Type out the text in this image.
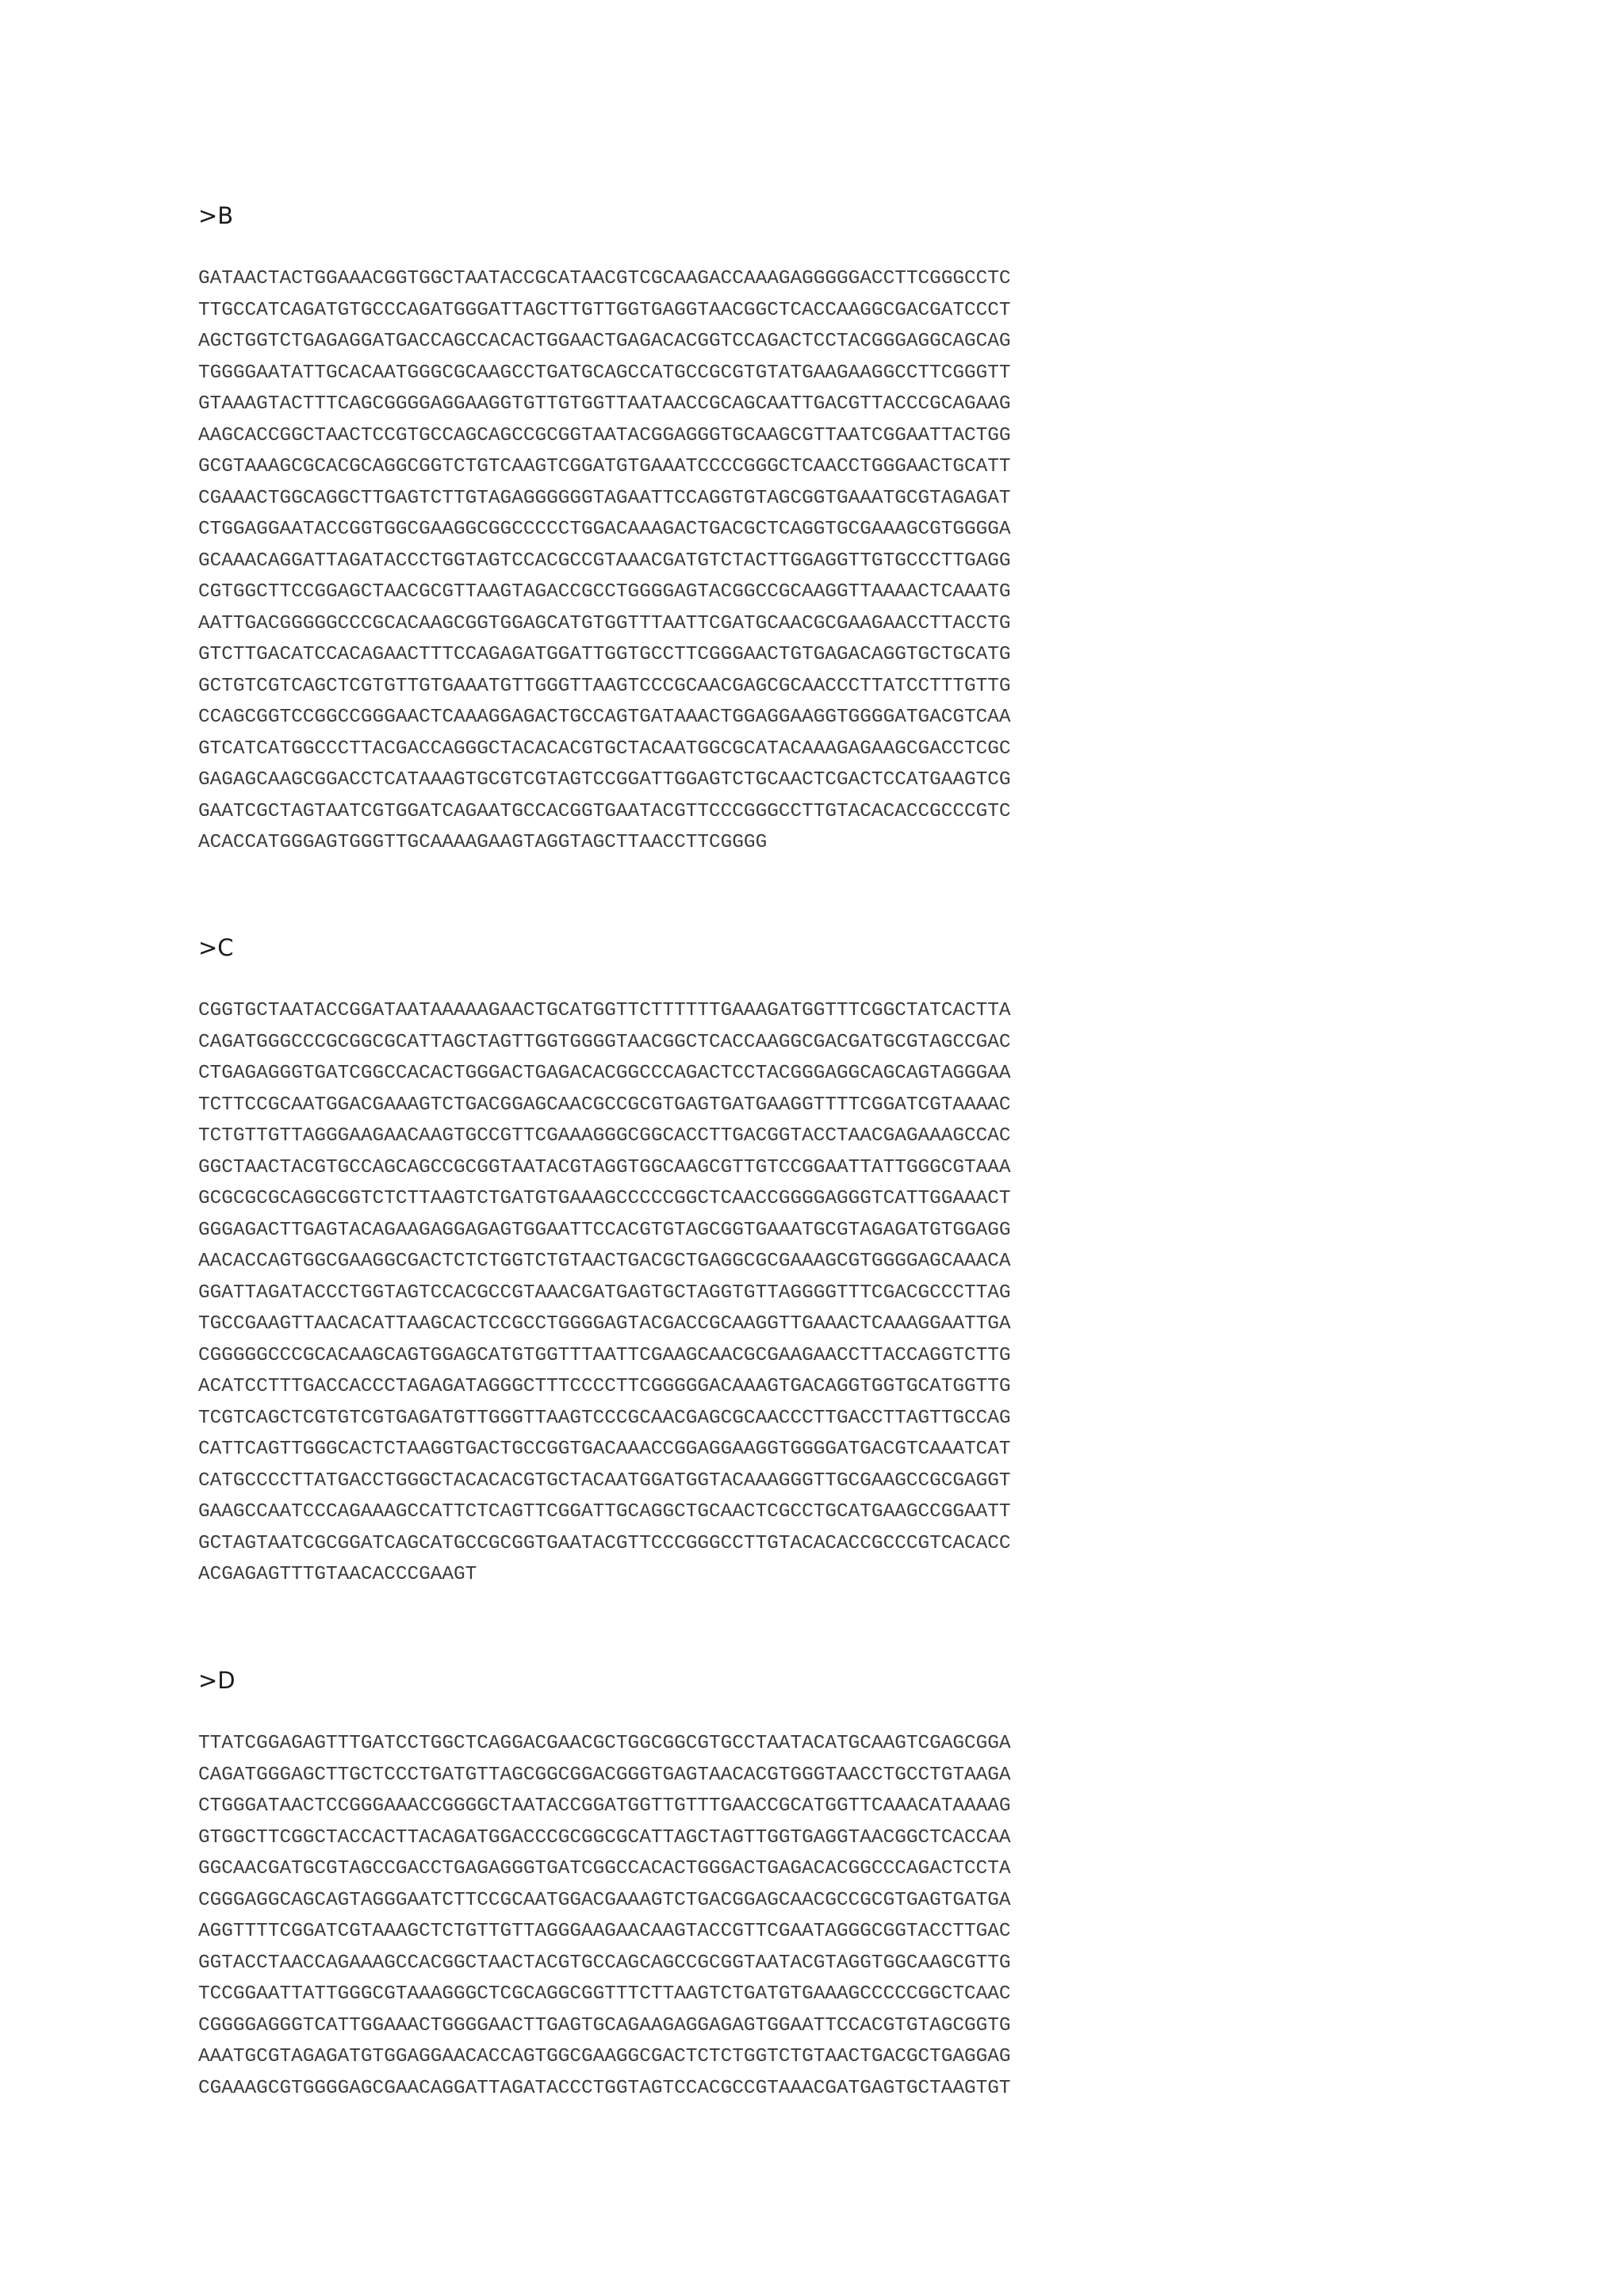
>B
GATAACTACTGGAAACGGTGGCTAATACCGCATAACGTCGCAAGACCAAAGAGGGGGACCTTCGGGCCTC
TTGCCATCAGATGTGCCCAGATGGGATTAGCTTGTTGGTGAGGTAACGGCTCACCAAGGCGACGATCCCT
AGCTGGTCTGAGAGGATGACCAGCCACACTGGAACTGAGACACGGTCCAGACTCCTACGGGAGGCAGCAG
TGGGGAATATTGCACAATGGGCGCAAGCCTGATGCAGCCATGCCGCGTGTATGAAGAAGGCCTTCGGGTT
GTAAAGTACTTTCAGCGGGGAGGAAGGTGTTGTGGTTAATAACCGCAGCAATTGACGTTACCCGCAGAAG
AAGCACCGGCTAACTCCGTGCCAGCAGCCGCGGTAATACGGAGGGTGCAAGCGTTAATCGGAATTACTGG
GCGTAAAGCGCACGCAGGCGGTCTGTCAAGTCGGATGTGAAATCCCCGGGCTCAACCTGGGAACTGCATT
CGAAACTGGCAGGCTTGAGTCTTGTAGAGGGGGGTAGAATTCCAGGTGTAGCGGTGAAATGCGTAGAGAT
CTGGAGGAATACCGGTGGCGAAGGCGGCCCCCTGGACAAAGACTGACGCTCAGGTGCGAAAGCGTGGGGA
GCAAACAGGATTAGATACCCTGGTAGTCCACGCCGTAAACGATGTCTACTTGGAGGTTGTGCCCTTGAGG
CGTGGCTTCCGGAGCTAACGCGTTAAGTAGACCGCCTGGGGAGTACGGCCGCAAGGTTAAAACTCAAATG
AATTGACGGGGGCCCGCACAAGCGGTGGAGCATGTGGTTTAATTCGATGCAACGCGAAGAACCTTACCTG
GTCTTGACATCCACAGAACTTTCCAGAGATGGATTGGTGCCTTCGGGAACTGTGAGACAGGTGCTGCATG
GCTGTCGTCAGCTCGTGTTGTGAAATGTTGGGTTAAGTCCCGCAACGAGCGCAACCCTTATCCTTTGTTG
CCAGCGGTCCGGCCGGGAACTCAAAGGAGACTGCCAGTGATAAACTGGAGGAAGGTGGGGATGACGTCAA
GTCATCATGGCCCTTACGACCAGGGCTACACACGTGCTACAATGGCGCATACAAAGAGAAGCGACCTCGC
GAGAGCAAGCGGACCTCATAAAGTGCGTCGTAGTCCGGATTGGAGTCTGCAACTCGACTCCATGAAGTCG
GAATCGCTAGTAATCGTGGATCAGAATGCCACGGTGAATACGTTCCCGGGCCTTGTACACACCGCCCGTC
ACACCATGGGAGTGGGTTGCAAAAGAAGTAGGTAGCTTAACCTTCGGGG
>C
CGGTGCTAATACCGGATAATAAAAAGAACTGCATGGTTCTTTTTTGAAAGATGGTTTCGGCTATCACTTA
CAGATGGGCCCGCGGCGCATTAGCTAGTTGGTGGGGTAACGGCTCACCAAGGCGACGATGCGTAGCCGAC
CTGAGAGGGTGATCGGCCACACTGGGACTGAGACACGGCCCAGACTCCTACGGGAGGCAGCAGTAGGGAA
TCTTCCGCAATGGACGAAAGTCTGACGGAGCAACGCCGCGTGAGTGATGAAGGTTTTCGGATCGTAAAAC
TCTGTTGTTAGGGAAGAACAAGTGCCGTTCGAAAGGGCGGCACCTTGACGGTACCTAACGAGAAAGCCAC
GGCTAACTACGTGCCAGCAGCCGCGGTAATACGTAGGTGGCAAGCGTTGTCCGGAATTATTGGGCGTAAA
GCGCGCGCAGGCGGTCTCTTAAGTCTGATGTGAAAGCCCCCGGCTCAACCGGGGAGGGTCATTGGAAACT
GGGAGACTTGAGTACAGAAGAGGAGAGTGGAATTCCACGTGTAGCGGTGAAATGCGTAGAGATGTGGAGG
AACACCAGTGGCGAAGGCGACTCTCTGGTCTGTAACTGACGCTGAGGCGCGAAAGCGTGGGGAGCAAACA
GGATTAGATACCCTGGTAGTCCACGCCGTAAACGATGAGTGCTAGGTGTTAGGGGTTTCGACGCCCTTAG
TGCCGAAGTTAACACATTAAGCACTCCGCCTGGGGAGTACGACCGCAAGGTTGAAACTCAAAGGAATTGA
CGGGGGCCCGCACAAGCAGTGGAGCATGTGGTTTAATTCGAAGCAACGCGAAGAACCTTACCAGGTCTTG
ACATCCTTTGACCACCCTAGAGATAGGGCTTTCCCCTTCGGGGGACAAAGTGACAGGTGGTGCATGGTTG
TCGTCAGCTCGTGTCGTGAGATGTTGGGTTAAGTCCCGCAACGAGCGCAACCCTTGACCTTAGTTGCCAG
CATTCAGTTGGGCACTCTAAGGTGACTGCCGGTGACAAACCGGAGGAAGGTGGGGATGACGTCAAATCAT
CATGCCCCTTATGACCTGGGCTACACACGTGCTACAATGGATGGTACAAAGGGTTGCGAAGCCGCGAGGT
GAAGCCAATCCCAGAAAGCCATTCTCAGTTCGGATTGCAGGCTGCAACTCGCCTGCATGAAGCCGGAATT
GCTAGTAATCGCGGATCAGCATGCCGCGGTGAATACGTTCCCGGGCCTTGTACACACCGCCCGTCACACC
ACGAGAGTTTGTAACACCCGAAGT
>D
TTATCGGAGAGTTTGATCCTGGCTCAGGACGAACGCTGGCGGCGTGCCTAATACATGCAAGTCGAGCGGA
CAGATGGGAGCTTGCTCCCTGATGTTAGCGGCGGACGGGTGAGTAACACGTGGGTAACCTGCCTGTAAGA
CTGGGATAACTCCGGGAAACCGGGGCTAATACCGGATGGTTGTTTGAACCGCATGGTTCAAACATAAAAG
GTGGCTTCGGCTACCACTTACAGATGGACCCGCGGCGCATTAGCTAGTTGGTGAGGTAACGGCTCACCAA
GGCAACGATGCGTAGCCGACCTGAGAGGGTGATCGGCCACACTGGGACTGAGACACGGCCCAGACTCCTA
CGGGAGGCAGCAGTAGGGAATCTTCCGCAATGGACGAAAGTCTGACGGAGCAACGCCGCGTGAGTGATGA
AGGTTTTCGGATCGTAAAGCTCTGTTGTTAGGGAAGAACAAGTACCGTTCGAATAGGGCGGTACCTTGAC
GGTACCTAACCAGAAAGCCACGGCTAACTACGTGCCAGCAGCCGCGGTAATACGTAGGTGGCAAGCGTTG
TCCGGAATTATTGGGCGTAAAGGGCTCGCAGGCGGTTTCTTAAGTCTGATGTGAAAGCCCCCGGCTCAAC
CGGGGAGGGTCATTGGAAACTGGGGAACTTGAGTGCAGAAGAGGAGAGTGGAATTCCACGTGTAGCGGTG
AAATGCGTAGAGATGTGGAGGAACACCAGTGGCGAAGGCGACTCTCTGGTCTGTAACTGACGCTGAGGAG
CGAAAGCGTGGGGAGCGAACAGGATTAGATACCCTGGTAGTCCACGCCGTAAACGATGAGTGCTAAGTGT
